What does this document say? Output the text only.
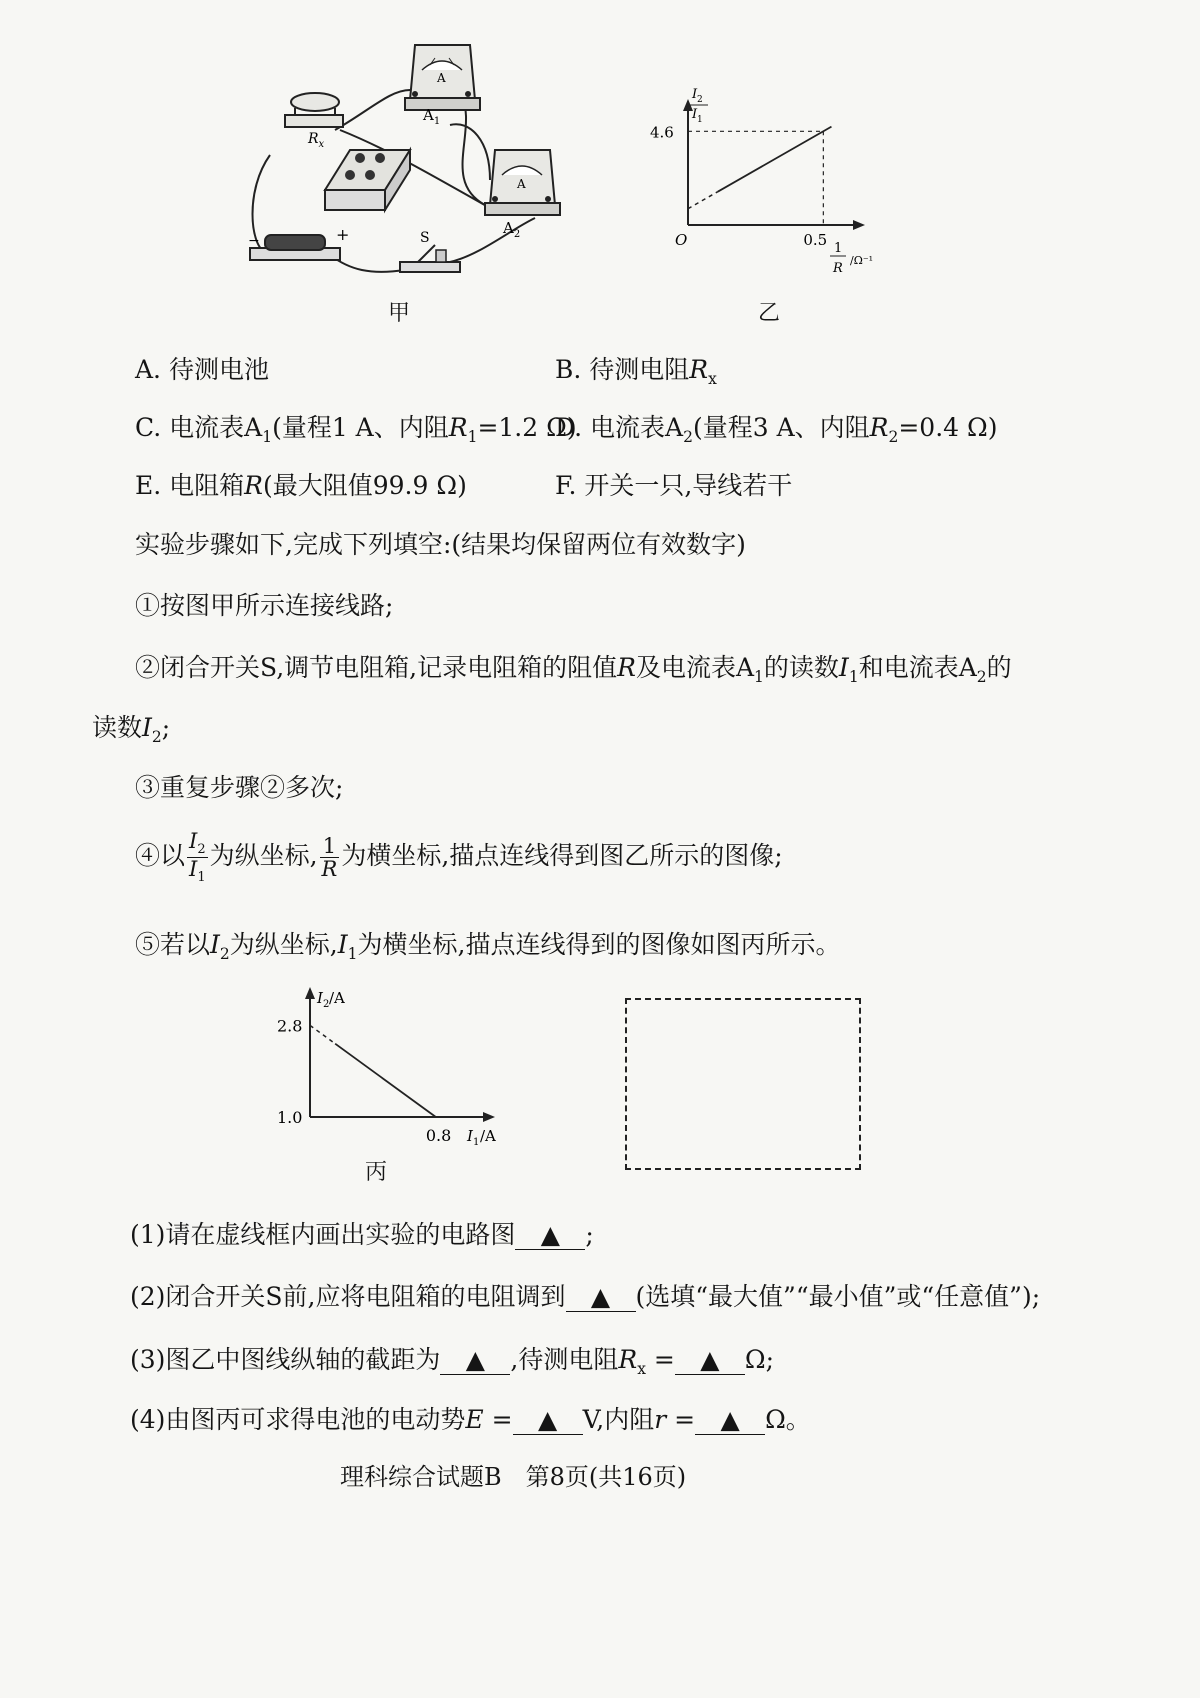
A
$A_1$
$R_x$
A
$A_2$
−	+	S
甲
4.6
O	0.5
I 2
I 1
1
R
/Ω⁻¹
乙
A. 待测电池	B. 待测电阻$R_x$
C. 电流表$A_1$(量程1 A、内阻$R_1=1.2$ Ω)
D. 电流表$A_2$(量程3 A、内阻$R_2=0.4$ Ω)
E. 电阻箱R(最大阻值99.9 Ω)	F. 开关一只,导线若干
实验步骤如下,完成下列填空:(结果均保留两位有效数字)
①按图甲所示连接线路;
②闭合开关S,调节电阻箱,记录电阻箱的阻值R及电流表$A_1$的读数$I_1$和电流表$A_2$的
读数$I_2$;
③重复步骤②多次;
④以 $\frac{I_2}{I_1}$ 为纵坐标, $\frac{1}{R}$ 为横坐标,描点连线得到图乙所示的图像;
⑤若以$I_2$为纵坐标$,I_1$为横坐标,描点连线得到的图像如图丙所示。
2.8
1.0
0.8
I 2 /A
I 1 /A
丙
(1)请在虚线框内画出实验的电路图 ▲ ;
(2)闭合开关S前,应将电阻箱的电阻调到 ▲ (选填“最大值”“最小值”或“任意值”);
(3)图乙中图线纵轴的截距为 ▲ ,待测电阻$R_x$ = ▲ Ω;
(4)由图丙可求得电池的电动势E = ▲ V,内阻r = ▲ Ω。
理科综合试题B　第8页(共16页)
